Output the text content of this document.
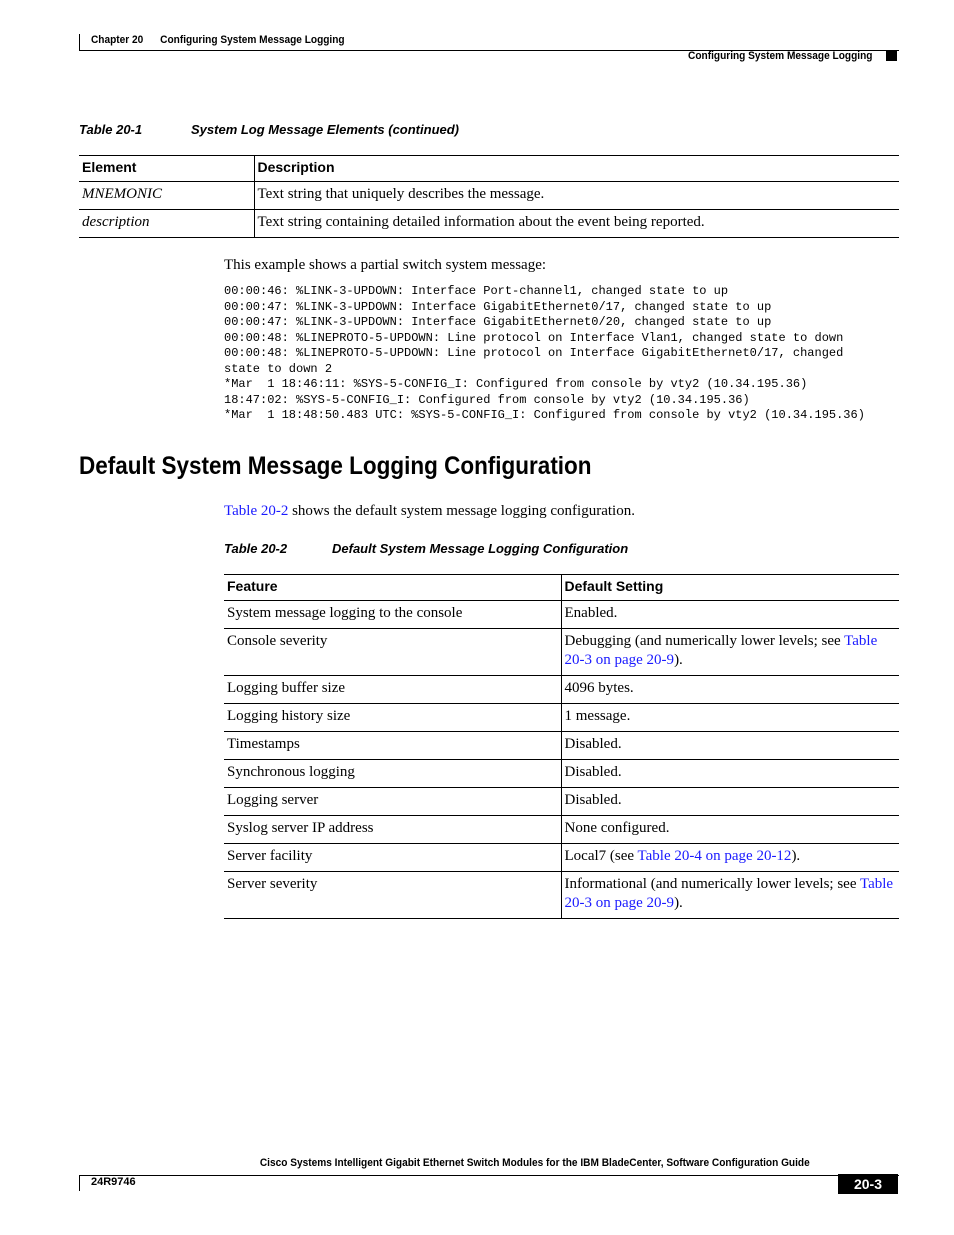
Chapter 20 Configuring System Message Logging
Configuring System Message Logging
Table 20-1	System Log Message Elements (continued)
Element	Description
MNEMONIC	Text string that uniquely describes the message.
description	Text string containing detailed information about the event being reported.
This example shows a partial switch system message:
00:00:46: %LINK-3-UPDOWN: Interface Port-channel1, changed state to up
00:00:47: %LINK-3-UPDOWN: Interface GigabitEthernet0/17, changed state to up
00:00:47: %LINK-3-UPDOWN: Interface GigabitEthernet0/20, changed state to up
00:00:48: %LINEPROTO-5-UPDOWN: Line protocol on Interface Vlan1, changed state to down
00:00:48: %LINEPROTO-5-UPDOWN: Line protocol on Interface GigabitEthernet0/17, changed
state to down 2
*Mar  1 18:46:11: %SYS-5-CONFIG_I: Configured from console by vty2 (10.34.195.36)
18:47:02: %SYS-5-CONFIG_I: Configured from console by vty2 (10.34.195.36)
*Mar  1 18:48:50.483 UTC: %SYS-5-CONFIG_I: Configured from console by vty2 (10.34.195.36)
Default System Message Logging Configuration
Table 20-2 shows the default system message logging configuration.
Table 20-2	Default System Message Logging Configuration
Feature	Default Setting
System message logging to the console	Enabled.
Console severity	Debugging (and numerically lower levels; see Table 20-3 on page 20-9).
Logging buffer size	4096 bytes.
Logging history size	1 message.
Timestamps	Disabled.
Synchronous logging	Disabled.
Logging server	Disabled.
Syslog server IP address	None configured.
Server facility	Local7 (see Table 20-4 on page 20-12).
Server severity	Informational (and numerically lower levels; see Table 20-3 on page 20-9).
Cisco Systems Intelligent Gigabit Ethernet Switch Modules for the IBM BladeCenter, Software Configuration Guide
24R9746	20-3
